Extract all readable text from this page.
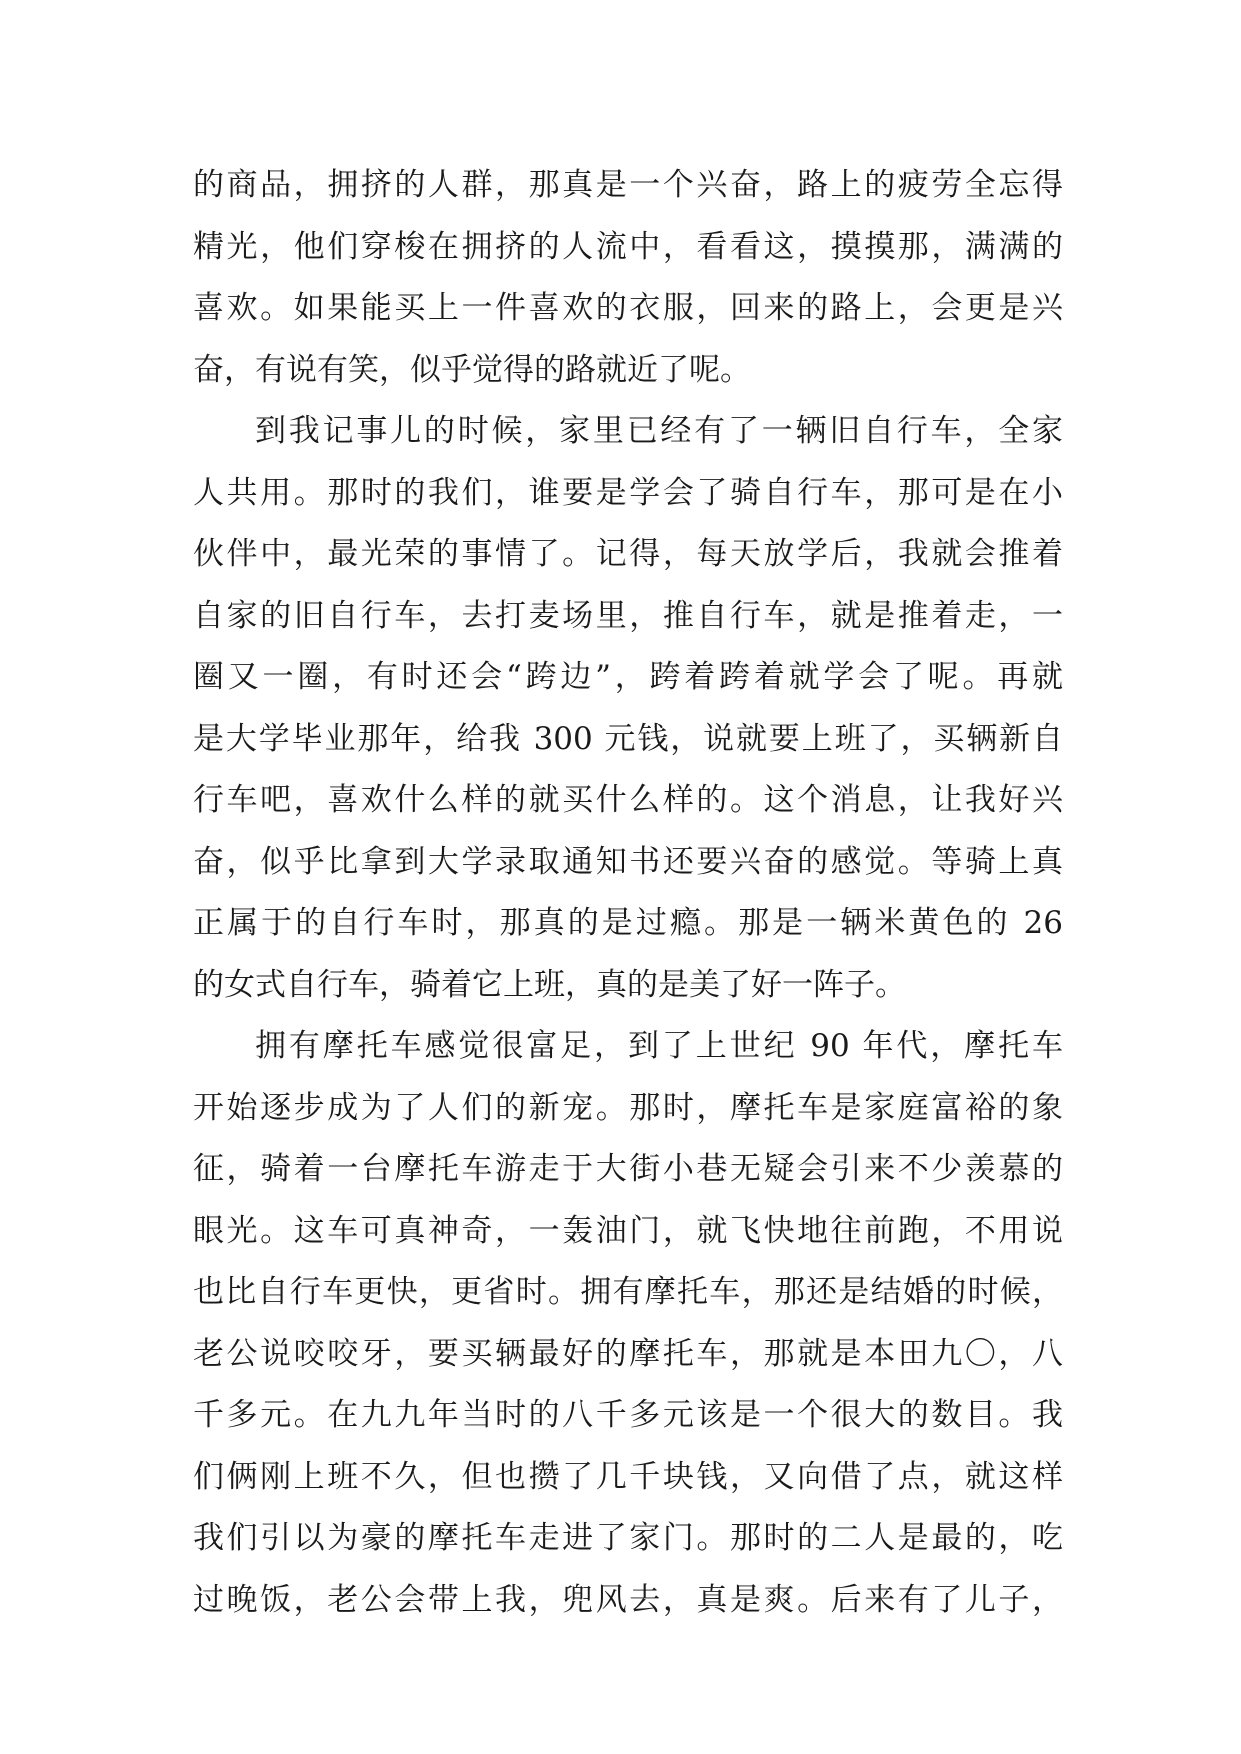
的商品，拥挤的人群，那真是一个兴奋，路上的疲劳全忘得
精光，他们穿梭在拥挤的人流中，看看这，摸摸那，满满的
喜欢。如果能买上一件喜欢的衣服，回来的路上，会更是兴
奋，有说有笑，似乎觉得的路就近了呢。
到我记事儿的时候，家里已经有了一辆旧自行车，全家
人共用。那时的我们，谁要是学会了骑自行车，那可是在小
伙伴中，最光荣的事情了。记得，每天放学后，我就会推着
自家的旧自行车，去打麦场里，推自行车，就是推着走，一
圈又一圈，有时还会“跨边”，跨着跨着就学会了呢。再就
是大学毕业那年，给我 300 元钱，说就要上班了，买辆新自
行车吧，喜欢什么样的就买什么样的。这个消息，让我好兴
奋，似乎比拿到大学录取通知书还要兴奋的感觉。等骑上真
正属于的自行车时，那真的是过瘾。那是一辆米黄色的 26
的女式自行车，骑着它上班，真的是美了好一阵子。
拥有摩托车感觉很富足，到了上世纪 90 年代，摩托车
开始逐步成为了人们的新宠。那时，摩托车是家庭富裕的象
征，骑着一台摩托车游走于大街小巷无疑会引来不少羡慕的
眼光。这车可真神奇，一轰油门，就飞快地往前跑，不用说
也比自行车更快，更省时。拥有摩托车，那还是结婚的时候，
老公说咬咬牙，要买辆最好的摩托车，那就是本田九〇，八
千多元。在九九年当时的八千多元该是一个很大的数目。我
们俩刚上班不久，但也攒了几千块钱，又向借了点，就这样
我们引以为豪的摩托车走进了家门。那时的二人是最的，吃
过晚饭，老公会带上我，兜风去，真是爽。后来有了儿子，
